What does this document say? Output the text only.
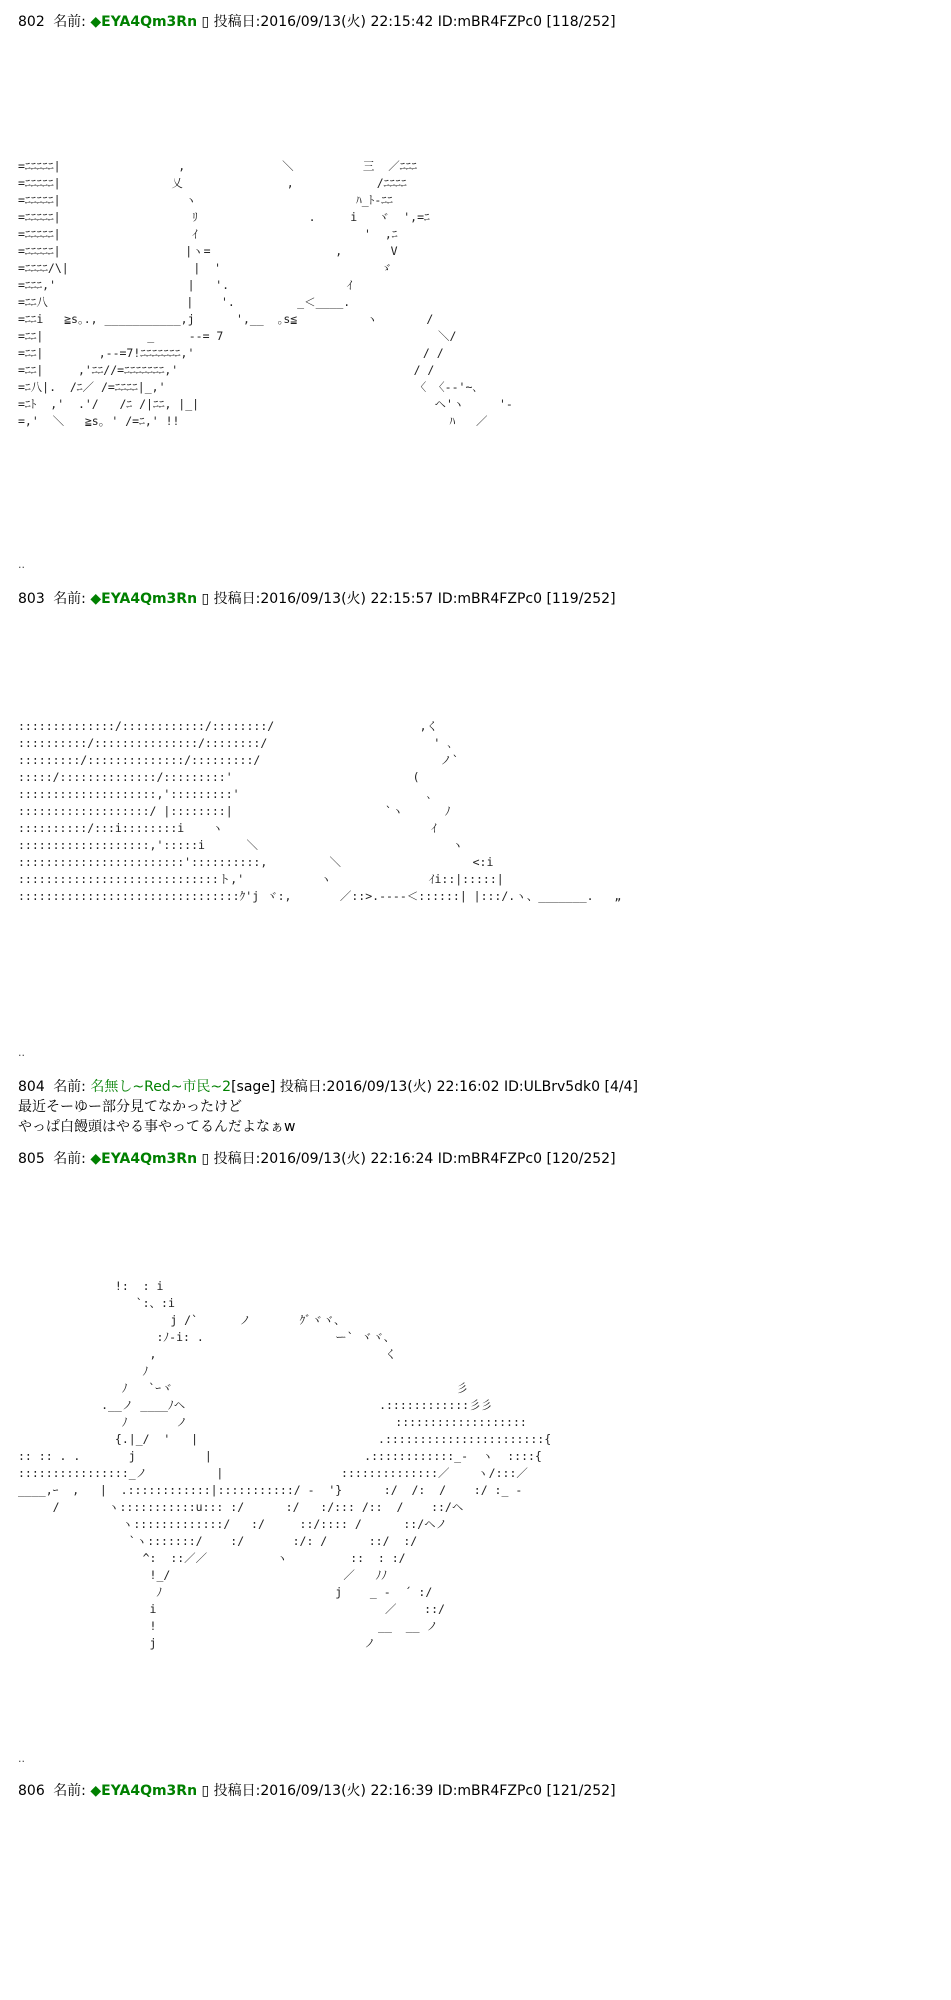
802 名前: ◆EYA4Qm3Rn ▯ 投稿日:2016/09/13(火) 22:15:42 ID:mBR4FZPc0 [118/252]
=ﾆﾆﾆﾆﾆ|                 ,              ＼          三  ／ﾆﾆﾆ
=ﾆﾆﾆﾆﾆ|                乂               ,            /ﾆﾆﾆﾆ
=ﾆﾆﾆﾆﾆ|                  ヽ                       ﾊ_ﾄ-ﾆﾆ
=ﾆﾆﾆﾆﾆ|                   ﾘ                .     i   ヾ  ',=ﾆ
=ﾆﾆﾆﾆﾆ|                   ｲ                        '  ,ﾆ
=ﾆﾆﾆﾆﾆ|                  |ヽ=                  ,       V
=ﾆﾆﾆﾆ/\|                  |  '                       ゞ
=ﾆﾆﾆ,'                   |   '.                 ｲ
=ﾆﾆ八                    |    '.         _＜____.
=ﾆﾆi   ≧s｡., ___________,j      ',__  ｡s≦          ヽ       /
=ﾆﾆ|               _     --= 7                               ＼/
=ﾆﾆ|        ,--=7!ﾆﾆﾆﾆﾆﾆﾆ,'                                 / /
=ﾆﾆ|     ,'ﾆﾆ//=ﾆﾆﾆﾆﾆﾆﾆ,'                                  / /
=ﾆ八|.  /ﾆ／ /=ﾆﾆﾆﾆ|_,'                                    〈 〈-‐'~､
=ﾆﾄ  ,'  .'/   /ﾆ /|ﾆﾆ, |_|                                  ヘ'ヽ     '‐
=,'  ＼   ≧s｡ ' /=ﾆ,' !!                                       ﾊ   ／
..
803 名前: ◆EYA4Qm3Rn ▯ 投稿日:2016/09/13(火) 22:15:57 ID:mBR4FZPc0 [119/252]
::::::::::::::/::::::::::::/::::::::/                     ,く
::::::::::/:::::::::::::::/::::::::/                        ' ､
:::::::::/::::::::::::::/:::::::::/                          ノ`
:::::/::::::::::::::/:::::::::'                          (
::::::::::::::::::::,':::::::::'                           ､
:::::::::::::::::::/ |::::::::|                      `ヽ      ﾉ
::::::::::/:::i::::::::i    ヽ                              ｲ
:::::::::::::::::::,':::::i      ＼                            ヽ
::::::::::::::::::::::::'::::::::::,         ＼                   <:i
:::::::::::::::::::::::::::::ト,'           ヽ              ｲi::|:::::|
::::::::::::::::::::::::::::::::ｸ'j ヾ:,       ／::>.----＜::::::| |:::/.ヽ、_______.   „
..
804 名前: 名無し~Red~市民~2[sage] 投稿日:2016/09/13(火) 22:16:02 ID:ULBrv5dk0 [4/4]
最近そーゆー部分見てなかったけど
やっぱ白饅頭はやる事やってるんだよなぁw
805 名前: ◆EYA4Qm3Rn ▯ 投稿日:2016/09/13(火) 22:16:24 ID:mBR4FZPc0 [120/252]
!:  : i
`:、:i
j /`      ノ       ｸﾞヾヾ、
:ﾉ-i: .                   ー` ヾヾ、
,                                 く
ﾉ
ﾉ   `ｰヾ                                         彡
.__ノ ____ﾉヘ                            .::::::::::::彡彡
ﾉ       ノ                              :::::::::::::::::::
{.|_/  '   |                          .:::::::::::::::::::::::{
:: :: . .       j          |                      .::::::::::::_-  ヽ  ::::{
::::::::::::::::_ノ          |                 ::::::::::::::／    ヽ/:::／
____,ｰ  ,   |  .::::::::::::|:::::::::::/ -  '}      :/  /:  /    :/ :_ -
/       ヽ:::::::::::u::: :/      :/   :/::: /::  /    ::/ヘ
ヽ:::::::::::::/   :/     ::/:::: /      ::/ヘノ
`ヽ:::::::/    :/       :/: /      ::/  :/
^:  ::／／          ヽ         ::  : :/
!_/                         ／   ﾉﾉ
ﾉ                         j    _ -  ´ :/
i                                 ／    ::/
!                                __  __ ノ
j                              ノ
..
806 名前: ◆EYA4Qm3Rn ▯ 投稿日:2016/09/13(火) 22:16:39 ID:mBR4FZPc0 [121/252]
